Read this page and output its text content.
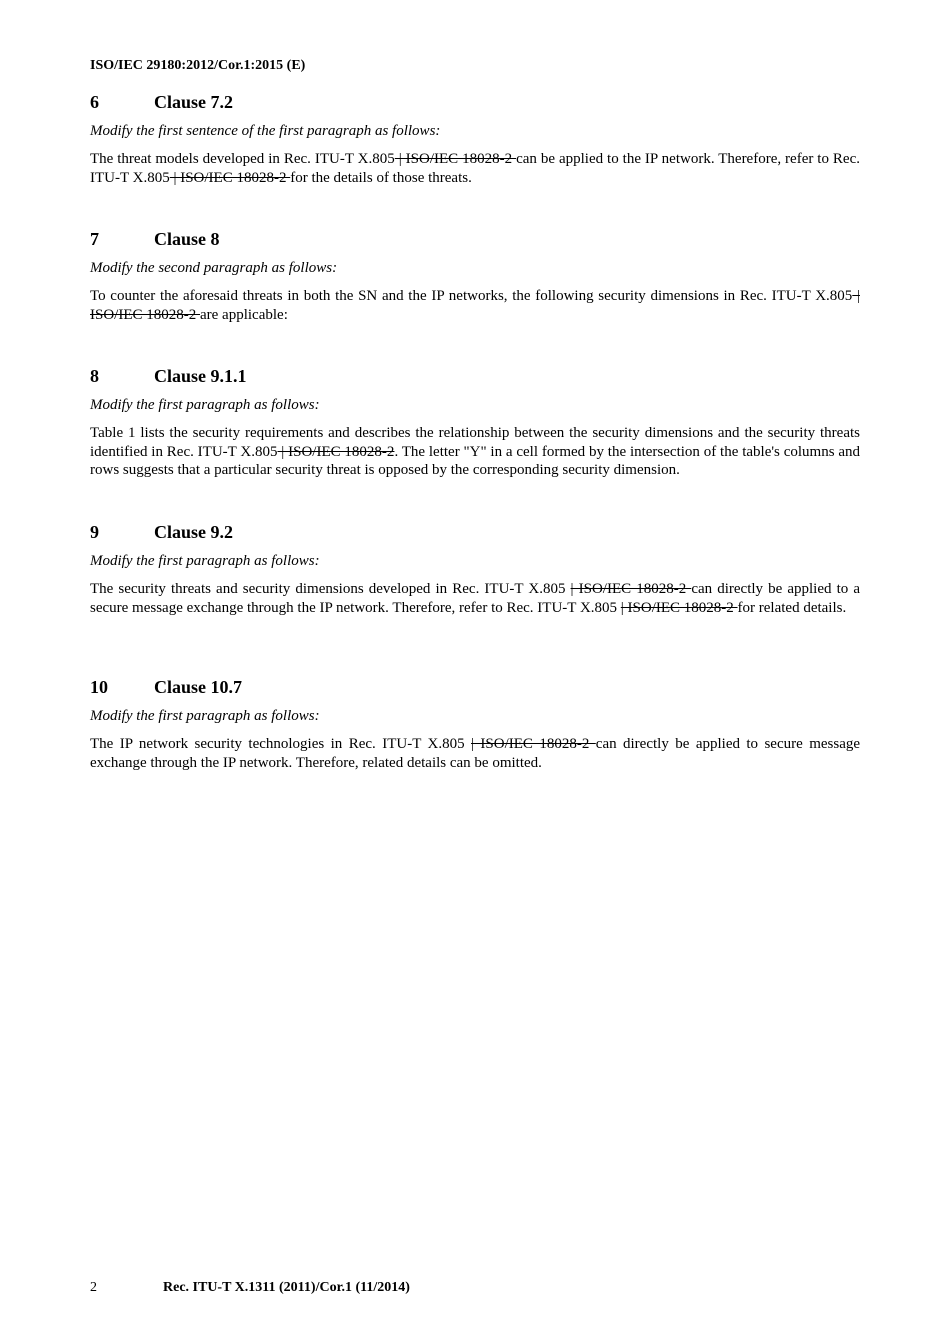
ISO/IEC 29180:2012/Cor.1:2015 (E)
6	Clause 7.2
Modify the first sentence of the first paragraph as follows:
The threat models developed in Rec. ITU-T X.805 | ISO/IEC 18028-2 can be applied to the IP network. Therefore, refer to Rec. ITU-T X.805 | ISO/IEC 18028-2 for the details of those threats.
7	Clause 8
Modify the second paragraph as follows:
To counter the aforesaid threats in both the SN and the IP networks, the following security dimensions in Rec. ITU-T X.805 | ISO/IEC 18028-2 are applicable:
8	Clause 9.1.1
Modify the first paragraph as follows:
Table 1 lists the security requirements and describes the relationship between the security dimensions and the security threats identified in Rec. ITU-T X.805 | ISO/IEC 18028-2. The letter "Y" in a cell formed by the intersection of the table's columns and rows suggests that a particular security threat is opposed by the corresponding security dimension.
9	Clause 9.2
Modify the first paragraph as follows:
The security threats and security dimensions developed in Rec. ITU-T X.805 | ISO/IEC 18028-2 can directly be applied to a secure message exchange through the IP network. Therefore, refer to Rec. ITU-T X.805 | ISO/IEC 18028-2 for related details.
10	Clause 10.7
Modify the first paragraph as follows:
The IP network security technologies in Rec. ITU-T X.805 | ISO/IEC 18028-2 can directly be applied to secure message exchange through the IP network. Therefore, related details can be omitted.
2	Rec. ITU-T X.1311 (2011)/Cor.1 (11/2014)
